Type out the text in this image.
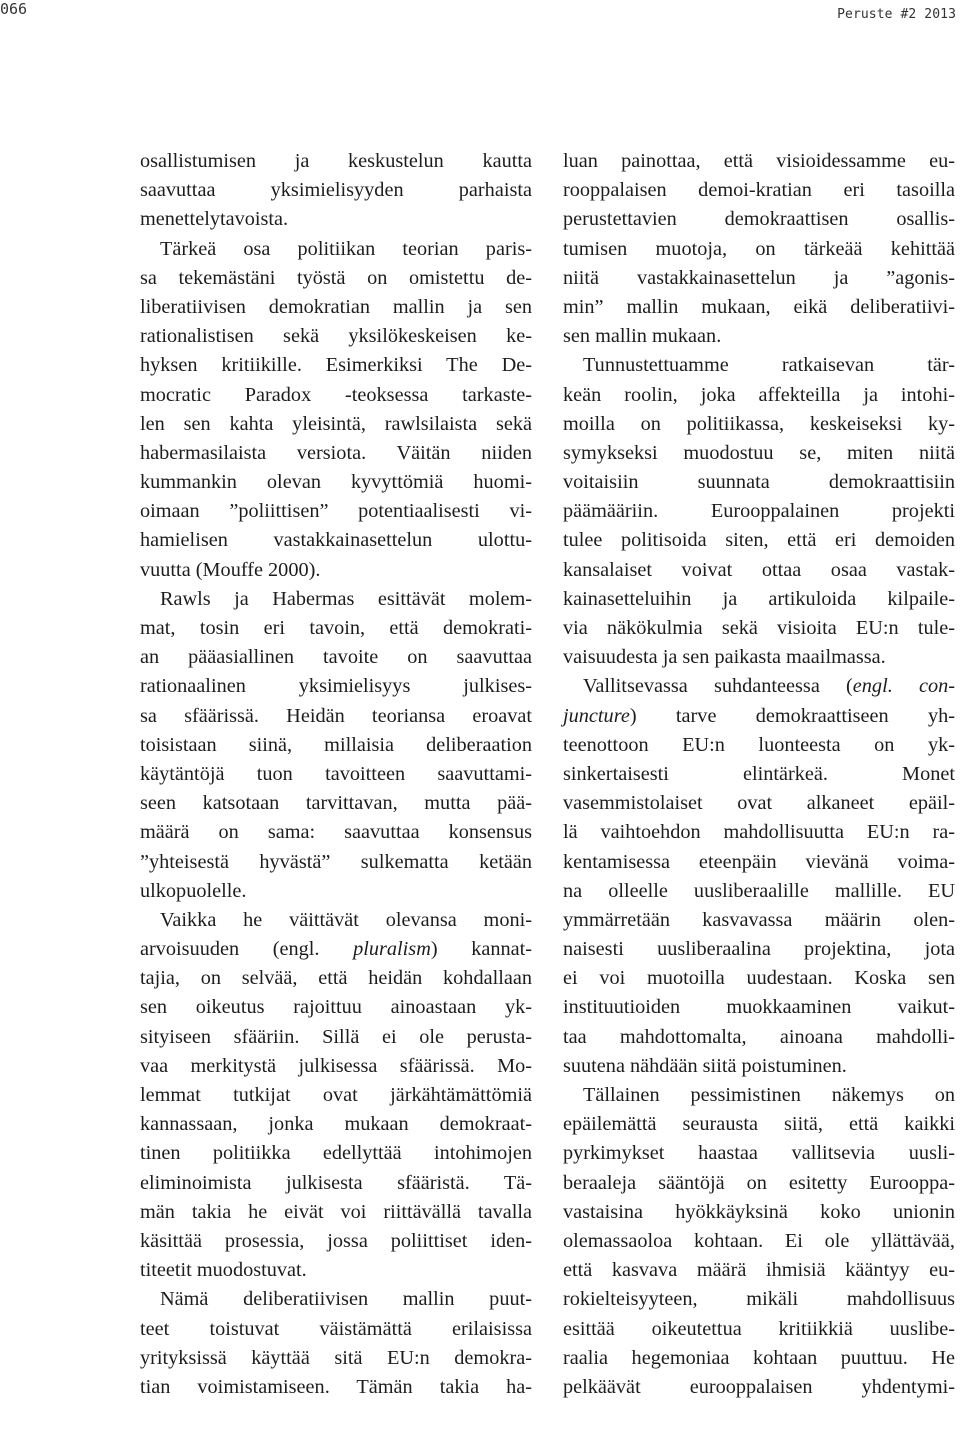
066	Peruste #2 2013
osallistumisen ja keskustelun kautta
saavuttaa yksimielisyyden parhaista
menettelytavoista.
Tärkeä osa politiikan teorian paris-
sa tekemästäni työstä on omistettu de-
liberatiivisen demokratian mallin ja sen
rationalistisen sekä yksilökeskeisen ke-
hyksen kritiikille. Esimerkiksi The De-
mocratic Paradox -teoksessa tarkaste-
len sen kahta yleisintä, rawlsilaista sekä
habermasilaista versiota. Väitän niiden
kummankin olevan kyvyttömiä huomi-
oimaan ”poliittisen” potentiaalisesti vi-
hamielisen vastakkainasettelun ulottu-
vuutta (Mouffe 2000).
Rawls ja Habermas esittävät molem-
mat, tosin eri tavoin, että demokrati-
an pääasiallinen tavoite on saavuttaa
rationaalinen yksimielisyys julkises-
sa sfäärissä. Heidän teoriansa eroavat
toisistaan siinä, millaisia deliberaation
käytäntöjä tuon tavoitteen saavuttami-
seen katsotaan tarvittavan, mutta pää-
määrä on sama: saavuttaa konsensus
”yhteisestä hyvästä” sulkematta ketään
ulkopuolelle.
Vaikka he väittävät olevansa moni-
arvoisuuden (engl. pluralism) kannat-
tajia, on selvää, että heidän kohdallaan
sen oikeutus rajoittuu ainoastaan yk-
sityiseen sfääriin. Sillä ei ole perusta-
vaa merkitystä julkisessa sfäärissä. Mo-
lemmat tutkijat ovat järkähtämättömiä
kannassaan, jonka mukaan demokraat-
tinen politiikka edellyttää intohimojen
eliminoimista julkisesta sfääristä. Tä-
män takia he eivät voi riittävällä tavalla
käsittää prosessia, jossa poliittiset iden-
titeetit muodostuvat.
Nämä deliberatiivisen mallin puut-
teet toistuvat väistämättä erilaisissa
yrityksissä käyttää sitä EU:n demokra-
tian voimistamiseen. Tämän takia ha-
luan painottaa, että visioidessamme eu-
rooppalaisen demoi-kratian eri tasoilla
perustettavien demokraattisen osallis-
tumisen muotoja, on tärkeää kehittää
niitä vastakkainasettelun ja ”agonis-
min” mallin mukaan, eikä deliberatiivi-
sen mallin mukaan.
Tunnustettuamme ratkaisevan tär-
keän roolin, joka affekteilla ja intohi-
moilla on politiikassa, keskeiseksi ky-
symykseksi muodostuu se, miten niitä
voitaisiin suunnata demokraattisiin
päämääriin. Eurooppalainen projekti
tulee politisoida siten, että eri demoiden
kansalaiset voivat ottaa osaa vastak-
kainasetteluihin ja artikuloida kilpaile-
via näkökulmia sekä visioita EU:n tule-
vaisuudesta ja sen paikasta maailmassa.
Vallitsevassa suhdanteessa (engl. con-
juncture) tarve demokraattiseen yh-
teenottoon EU:n luonteesta on yk-
sinkertaisesti elintärkeä. Monet
vasemmistolaiset ovat alkaneet epäil-
lä vaihtoehdon mahdollisuutta EU:n ra-
kentamisessa eteenpäin vievänä voima-
na olleelle uusliberaalille mallille. EU
ymmärretään kasvavassa määrin olen-
naisesti uusliberaalina projektina, jota
ei voi muotoilla uudestaan. Koska sen
instituutioiden muokkaaminen vaikut-
taa mahdottomalta, ainoana mahdolli-
suutena nähdään siitä poistuminen.
Tällainen pessimistinen näkemys on
epäilemättä seurausta siitä, että kaikki
pyrkimykset haastaa vallitsevia uusli-
beraaleja sääntöjä on esitetty Eurooppa-
vastaisina hyökkäyksinä koko unionin
olemassaoloa kohtaan. Ei ole yllättävää,
että kasvava määrä ihmisiä kääntyy eu-
rokielteisyyteen, mikäli mahdollisuus
esittää oikeutettua kritiikkiä uuslibe-
raalia hegemoniaa kohtaan puuttuu. He
pelkäävät eurooppalaisen yhdentymi-
